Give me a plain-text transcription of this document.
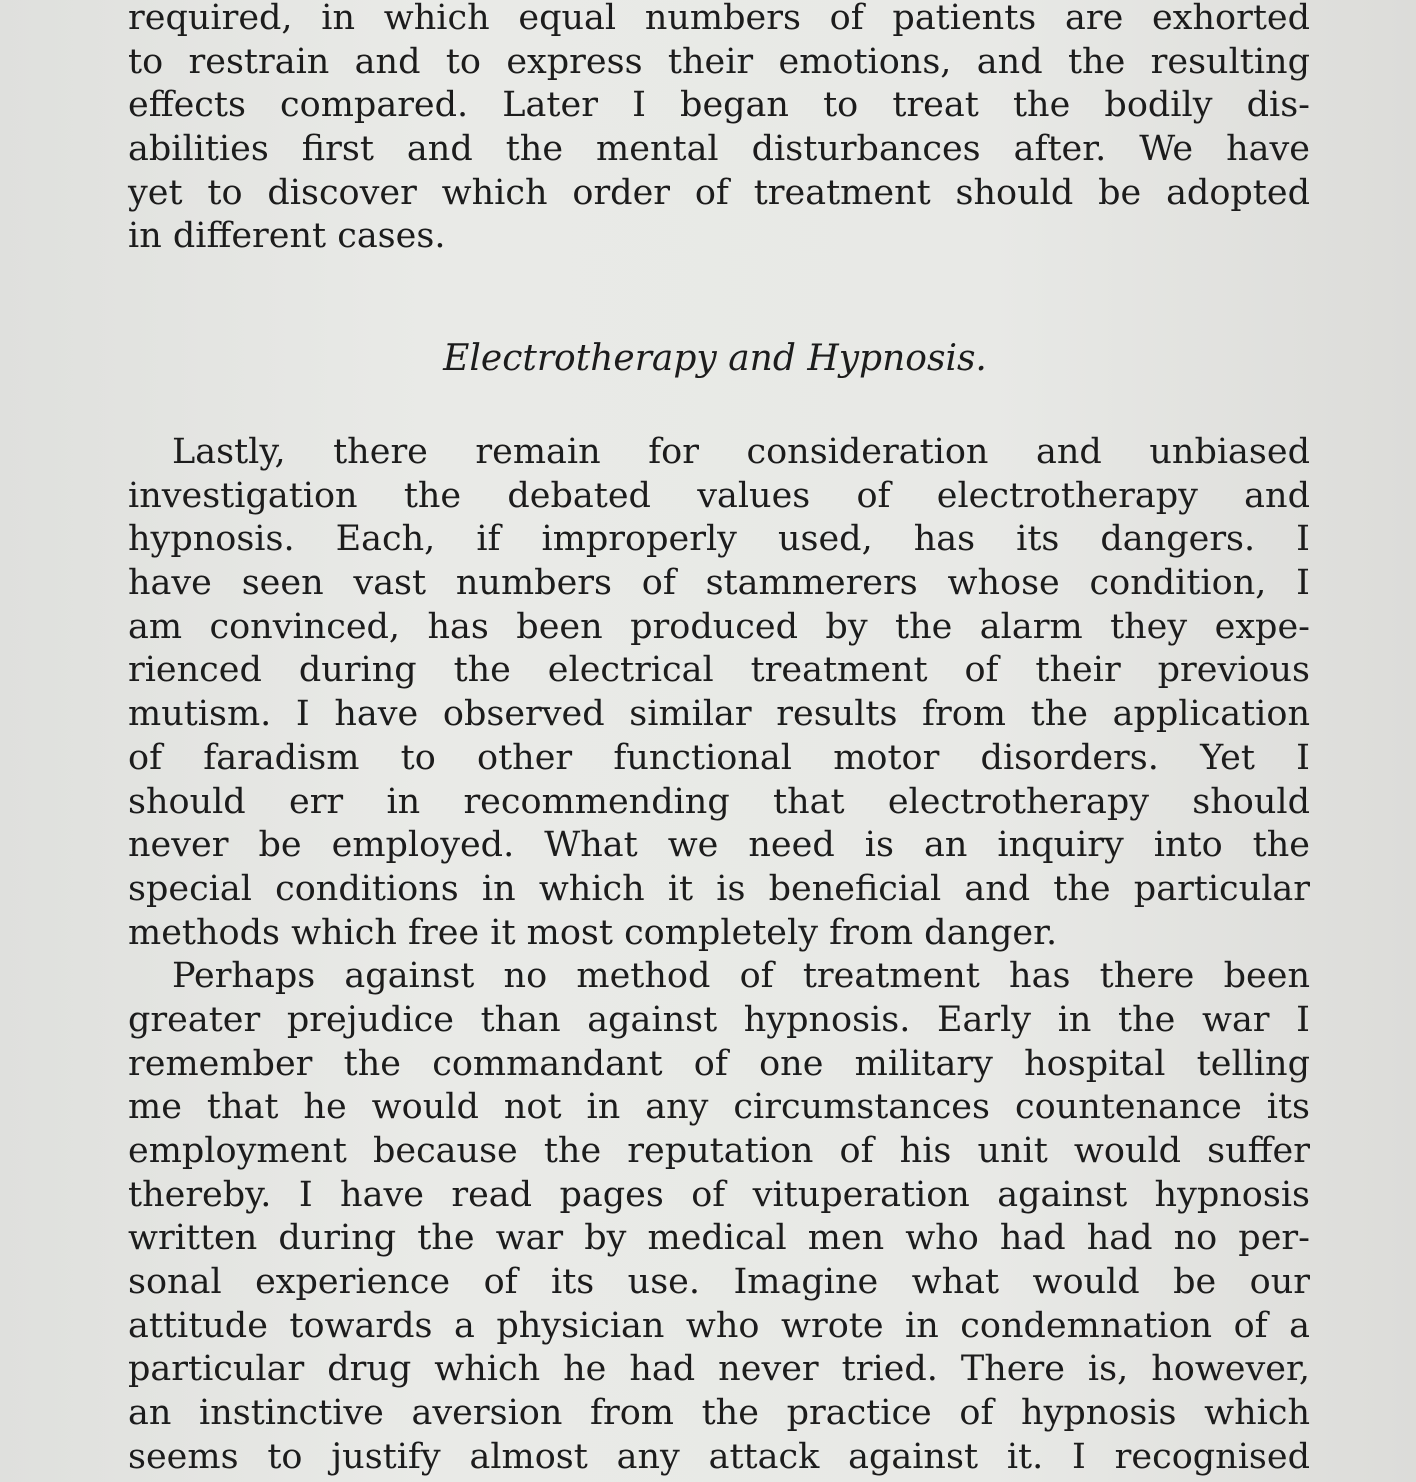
required, in which equal numbers of patients are exhorted
to restrain and to express their emotions, and the resulting
effects compared. Later I began to treat the bodily dis-
abilities first and the mental disturbances after. We have
yet to discover which order of treatment should be adopted
in different cases.
Electrotherapy and Hypnosis.
Lastly, there remain for consideration and unbiased
investigation the debated values of electrotherapy and
hypnosis. Each, if improperly used, has its dangers. I
have seen vast numbers of stammerers whose condition, I
am convinced, has been produced by the alarm they expe-
rienced during the electrical treatment of their previous
mutism. I have observed similar results from the application
of faradism to other functional motor disorders. Yet I
should err in recommending that electrotherapy should
never be employed. What we need is an inquiry into the
special conditions in which it is beneficial and the particular
methods which free it most completely from danger.
Perhaps against no method of treatment has there been
greater prejudice than against hypnosis. Early in the war I
remember the commandant of one military hospital telling
me that he would not in any circumstances countenance its
employment because the reputation of his unit would suffer
thereby. I have read pages of vituperation against hypnosis
written during the war by medical men who had had no per-
sonal experience of its use. Imagine what would be our
attitude towards a physician who wrote in condemnation of a
particular drug which he had never tried. There is, however,
an instinctive aversion from the practice of hypnosis which
seems to justify almost any attack against it. I recognised
